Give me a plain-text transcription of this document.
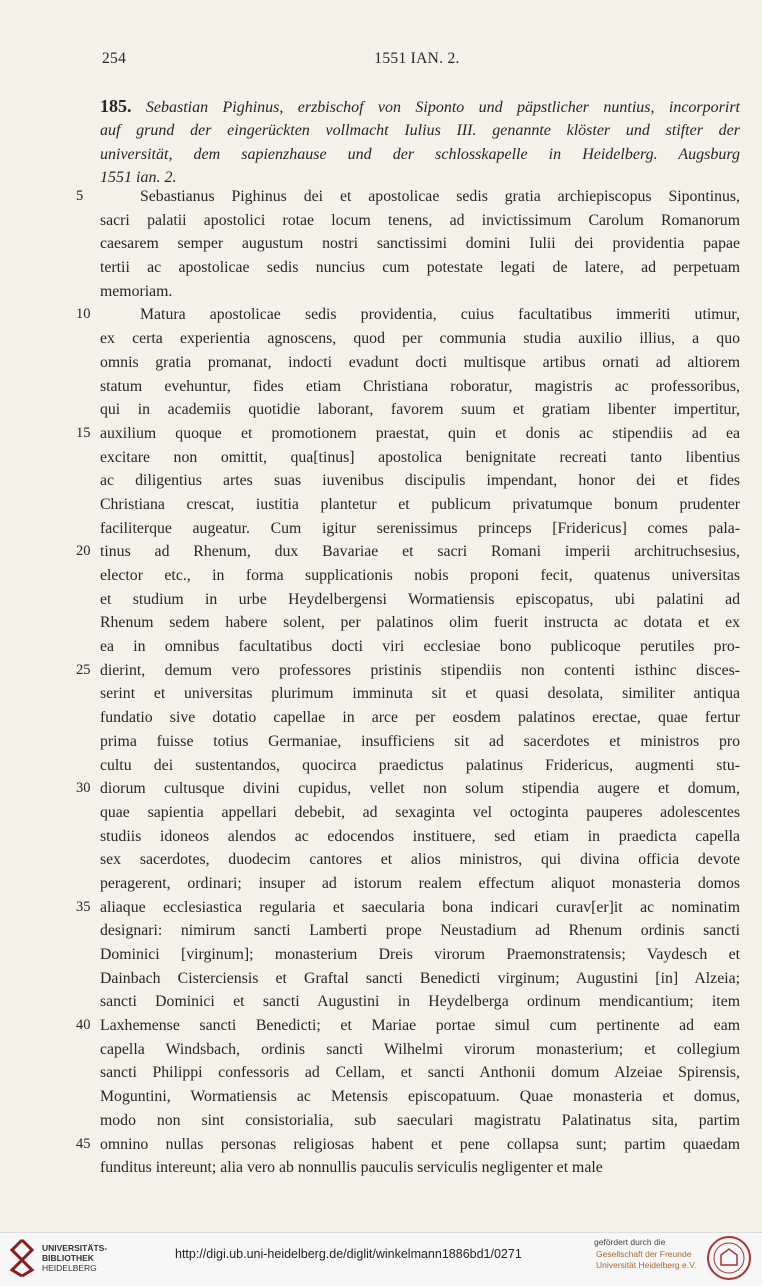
254	1551 IAN. 2.
185. Sebastian Pighinus, erzbischof von Siponto und päpstlicher nuntius, incorporirt
auf grund der eingerückten vollmacht Iulius III. genannte klöster und stifter der
universität, dem sapienzhause und der schlosskapelle in Heidelberg. Augsburg
1551 ian. 2.
5	Sebastianus Pighinus dei et apostolicae sedis gratia archiepiscopus Sipontinus,
sacri palatii apostolici rotae locum tenens, ad invictissimum Carolum Romanorum
caesarem semper augustum nostri sanctissimi domini Iulii dei providentia papae
tertii ac apostolicae sedis nuncius cum potestate legati de latere, ad perpetuam
memoriam.
10	Matura apostolicae sedis providentia, cuius facultatibus immeriti utimur,
ex certa experientia agnoscens, quod per communia studia auxilio illius, a quo
omnis gratia promanat, indocti evadunt docti multisque artibus ornati ad altiorem
statum evehuntur, fides etiam Christiana roboratur, magistris ac professoribus,
qui in academiis quotidie laborant, favorem suum et gratiam libenter impertitur,
15 auxilium quoque et promotionem praestat, quin et donis ac stipendiis ad ea
excitare non omittit, qua[tinus] apostolica benignitate recreati tanto libentius
ac diligentius artes suas iuvenibus discipulis impendant, honor dei et fides
Christiana crescat, iustitia plantetur et publicum privatumque bonum prudenter
faciliterque augeatur. Cum igitur serenissimus princeps [Fridericus] comes pala-
20 tinus ad Rhenum, dux Bavariae et sacri Romani imperii architruchsesius,
elector etc., in forma supplicationis nobis proponi fecit, quatenus universitas
et studium in urbe Heydelbergensi Wormatiensis episcopatus, ubi palatini ad
Rhenum sedem habere solent, per palatinos olim fuerit instructa ac dotata et ex
ea in omnibus facultatibus docti viri ecclesiae bono publicoque perutiles pro-
25 dierint, demum vero professores pristinis stipendiis non contenti isthinc disces-
serint et universitas plurimum imminuta sit et quasi desolata, similiter antiqua
fundatio sive dotatio capellae in arce per eosdem palatinos erectae, quae fertur
prima fuisse totius Germaniae, insufficiens sit ad sacerdotes et ministros pro
cultu dei sustentandos, quocirca praedictus palatinus Fridericus, augmenti stu-
30 diorum cultusque divini cupidus, vellet non solum stipendia augere et domum,
quae sapientia appellari debebit, ad sexaginta vel octoginta pauperes adolescentes
studiis idoneos alendos ac edocendos instituere, sed etiam in praedicta capella
sex sacerdotes, duodecim cantores et alios ministros, qui divina officia devote
peragerent, ordinari; insuper ad istorum realem effectum aliquot monasteria domos
35 aliaque ecclesiastica regularia et saecularia bona indicari curav[er]it ac nominatim
designari: nimirum sancti Lamberti prope Neustadium ad Rhenum ordinis sancti
Dominici [virginum]; monasterium Dreis virorum Praemonstratensis; Vaydesch et
Dainbach Cisterciensis et Graftal sancti Benedicti virginum; Augustini [in] Alzeia;
sancti Dominici et sancti Augustini in Heydelberga ordinum mendicantium; item
40 Laxhemense sancti Benedicti; et Mariae portae simul cum pertinente ad eam
capella Windsbach, ordinis sancti Wilhelmi virorum monasterium; et collegium
sancti Philippi confessoris ad Cellam, et sancti Anthonii domum Alzeiae Spirensis,
Moguntini, Wormatiensis ac Metensis episcopatuum. Quae monasteria et domus,
modo non sint consistorialia, sub saeculari magistratu Palatinatus sita, partim
45 omnino nullas personas religiosas habent et pene collapsa sunt; partim quaedam
funditus intereunt; alia vero ab nonnullis pauculis serviculis negligenter et male
UNIVERSITÄTS-
BIBLIOTHEK
HEIDELBERG
http://digi.ub.uni-heidelberg.de/diglit/winkelmann1886bd1/0271
gefördert durch die
Gesellschaft der Freunde
Universität Heidelberg e.V.
